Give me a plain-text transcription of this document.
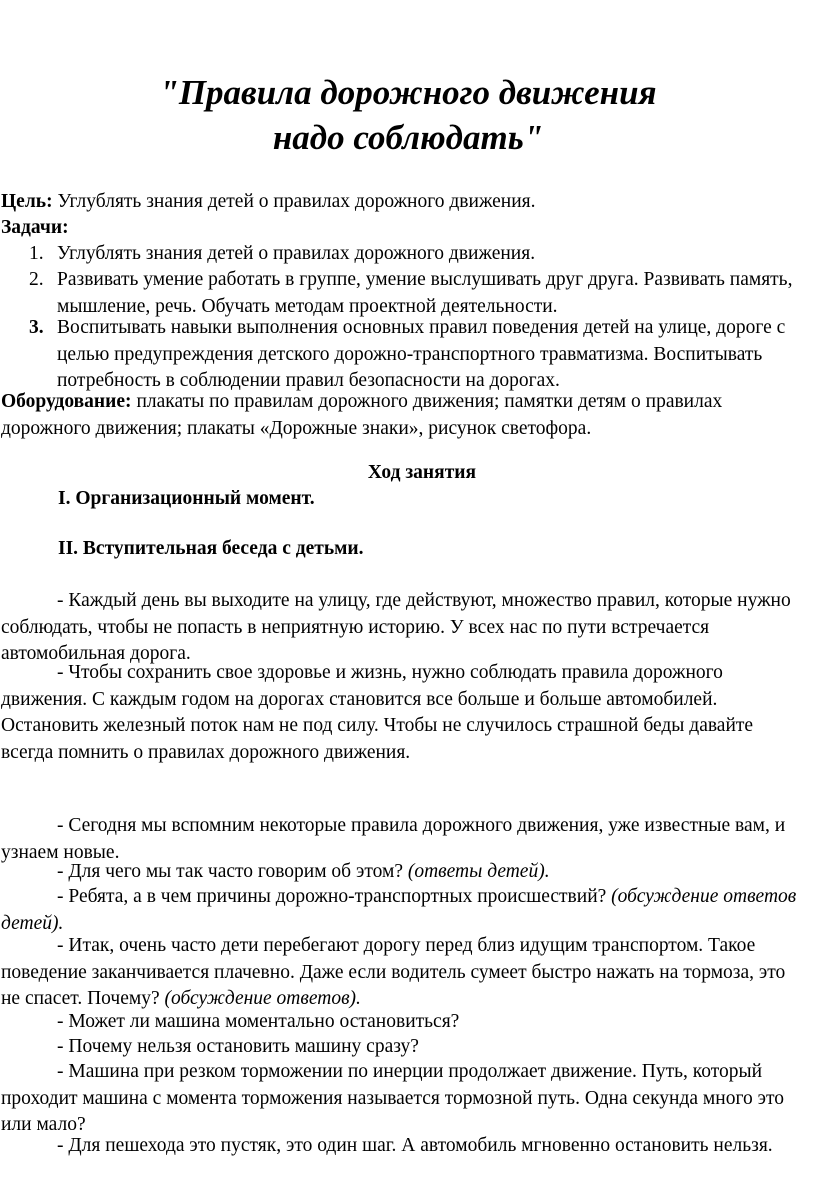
"Правила дорожного движения
надо соблюдать"
Цель: Углублять знания детей о правилах дорожного движения.
Задачи:
1. Углублять знания детей о правилах дорожного движения.
2. Развивать умение работать в группе, умение выслушивать друг друга. Развивать память, мышление, речь. Обучать методам проектной деятельности.
3. Воспитывать навыки выполнения основных правил поведения детей на улице, дороге с целью предупреждения детского дорожно-транспортного травматизма. Воспитывать потребность в соблюдении правил безопасности на дорогах.
Оборудование: плакаты по правилам дорожного движения; памятки детям о правилах дорожного движения; плакаты «Дорожные знаки», рисунок светофора.
Ход занятия
I. Организационный момент.
II. Вступительная беседа с детьми.
- Каждый день вы выходите на улицу, где действуют, множество правил, которые нужно соблюдать, чтобы не попасть в неприятную историю. У всех нас по пути встречается автомобильная дорога.
- Чтобы сохранить свое здоровье и жизнь, нужно соблюдать правила дорожного движения. С каждым годом на дорогах становится все больше и больше автомобилей. Остановить железный поток нам не под силу. Чтобы не случилось страшной беды давайте всегда помнить о правилах дорожного движения.
- Сегодня мы вспомним некоторые правила дорожного движения, уже известные вам, и узнаем новые.
- Для чего мы так часто говорим об этом? (ответы детей).
- Ребята, а в чем причины дорожно-транспортных происшествий? (обсуждение ответов детей).
- Итак, очень часто дети перебегают дорогу перед близ идущим транспортом. Такое поведение заканчивается плачевно. Даже если водитель сумеет быстро нажать на тормоза, это не спасет. Почему? (обсуждение ответов).
- Может ли машина моментально остановиться?
- Почему нельзя остановить машину сразу?
- Машина при резком торможении по инерции продолжает движение. Путь, который проходит машина с момента торможения называется тормозной путь. Одна секунда много это или мало?
- Для пешехода это пустяк, это один шаг. А автомобиль мгновенно остановить нельзя.
